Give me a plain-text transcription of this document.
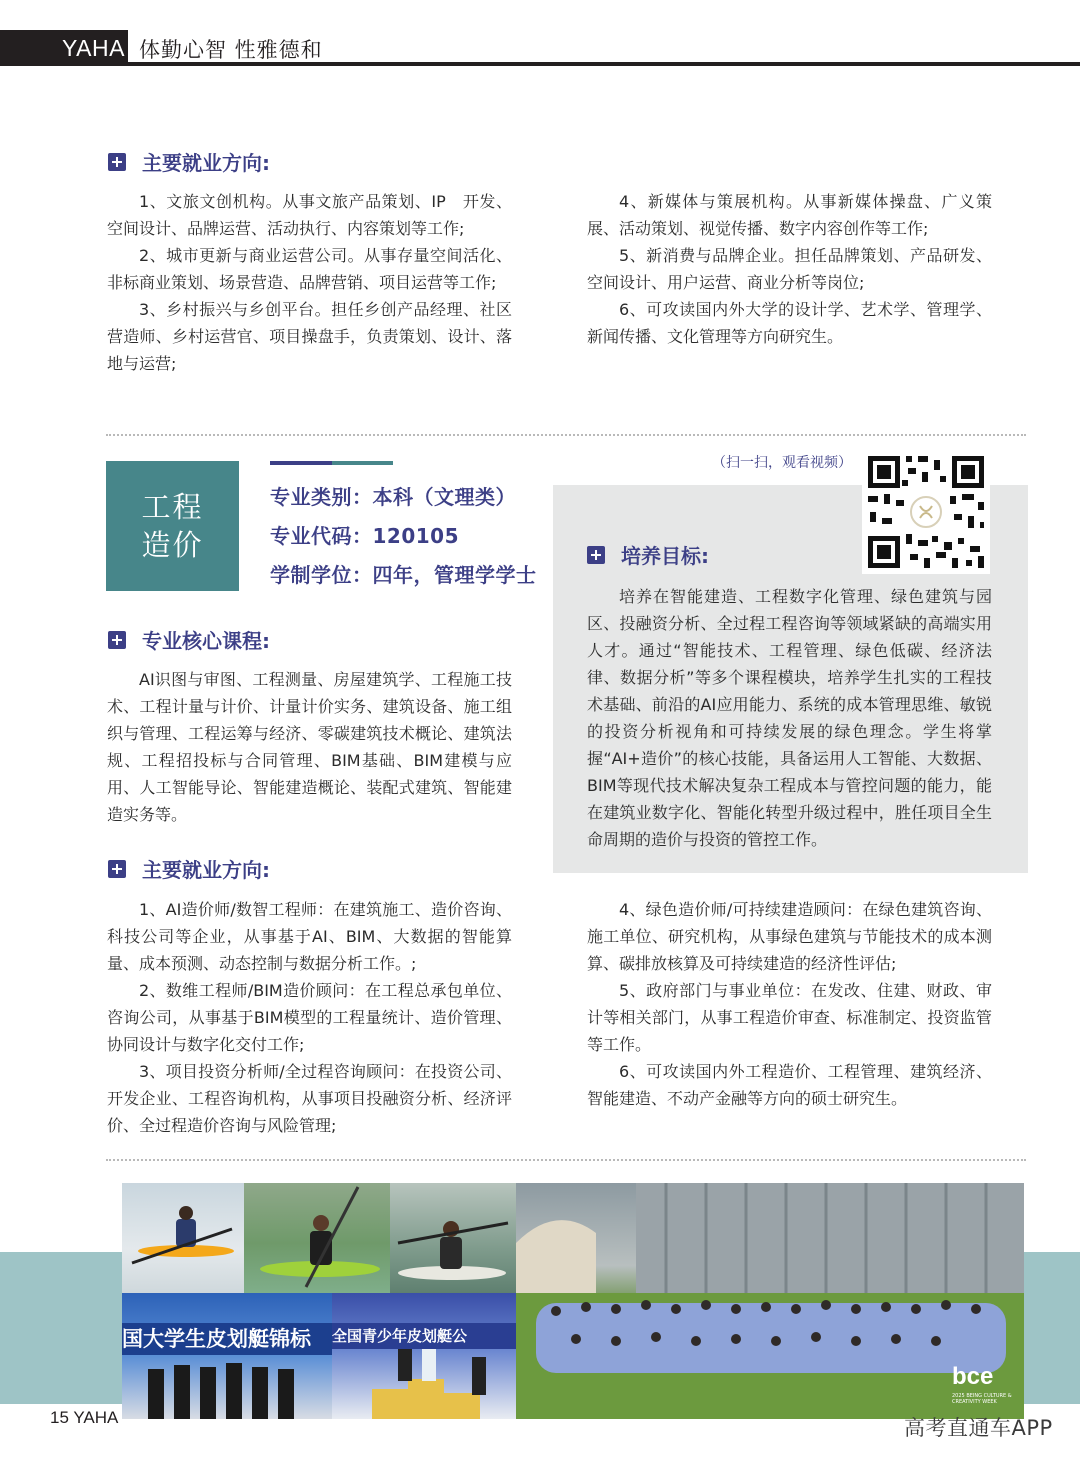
YAHA 体勤心智 性雅德和
主要就业方向:

1、文旅文创机构。从事文旅产品策划、IP　开发、空间设计、品牌运营、活动执行、内容策划等工作;

2、城市更新与商业运营公司。从事存量空间活化、非标商业策划、场景营造、品牌营销、项目运营等工作;

3、乡村振兴与乡创平台。担任乡创产品经理、社区营造师、乡村运营官、项目操盘手，负责策划、设计、落地与运营;

4、新媒体与策展机构。从事新媒体操盘、广义策展、活动策划、视觉传播、数字内容创作等工作;

5、新消费与品牌企业。担任品牌策划、产品研发、空间设计、用户运营、商业分析等岗位;

6、可攻读国内外大学的设计学、艺术学、管理学、新闻传播、文化管理等方向研究生。

工程
造价
专业类别：本科（文理类）
专业代码：120105
学制学位：四年，管理学学士
（扫一扫，观看视频）
专业核心课程:

AI识图与审图、工程测量、房屋建筑学、工程施工技术、工程计量与计价、计量计价实务、建筑设备、施工组织与管理、工程运筹与经济、零碳建筑技术概论、建筑法规、工程招投标与合同管理、BIM基础、BIM建模与应用、人工智能导论、智能建造概论、装配式建筑、智能建造实务等。

培养目标:

培养在智能建造、工程数字化管理、绿色建筑与园区、投融资分析、全过程工程咨询等领域紧缺的高端实用人才。通过“智能技术、工程管理、绿色低碳、经济法律、数据分析”等多个课程模块，培养学生扎实的工程技术基础、前沿的AI应用能力、系统的成本管理思维、敏锐的投资分析视角和可持续发展的绿色理念。学生将掌握“AI+造价”的核心技能，具备运用人工智能、大数据、BIM等现代技术解决复杂工程成本与管控问题的能力，能在建筑业数字化、智能化转型升级过程中，胜任项目全生命周期的造价与投资的管控工作。

主要就业方向:

1、AI造价师/数智工程师：在建筑施工、造价咨询、科技公司等企业，从事基于AI、BIM、大数据的智能算量、成本预测、动态控制与数据分析工作。;

2、数维工程师/BIM造价顾问：在工程总承包单位、咨询公司，从事基于BIM模型的工程量统计、造价管理、协同设计与数字化交付工作;

3、项目投资分析师/全过程咨询顾问：在投资公司、开发企业、工程咨询机构，从事项目投融资分析、经济评价、全过程造价咨询与风险管理;

4、绿色造价师/可持续建造顾问：在绿色建筑咨询、施工单位、研究机构，从事绿色建筑与节能技术的成本测算、碳排放核算及可持续建造的经济性评估;

5、政府部门与事业单位：在发改、住建、财政、审计等相关部门，从事工程造价审查、标准制定、投资监管等工作。

6、可攻读国内外工程造价、工程管理、建筑经济、智能建造、不动产金融等方向的硕士研究生。

国大学生皮划艇锦标	全国青少年皮划艇公
bce
2025 BEING CULTURE & CREATIVITY WEEK
15 YAHA	高考直通车APP
